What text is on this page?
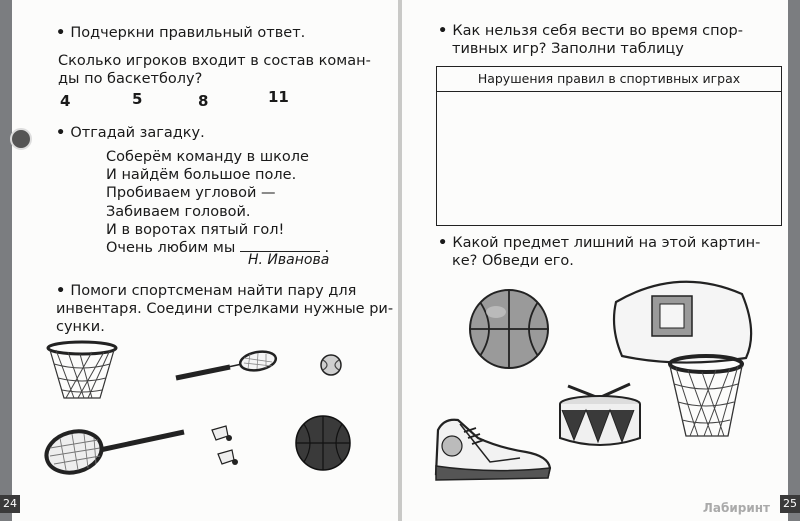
• Подчеркни правильный ответ.
Сколько игроков входит в состав коман-
ды по баскетболу?
4	5	8	11
• Отгадай загадку.
Соберём команду в школе
И найдём большое поле.
Пробиваем угловой —
Забиваем головой.
И в воротах пятый гол!
Очень любим мы	.
Н. Иванова
• Помоги спортсменам найти пару для
инвентаря. Соедини стрелками нужные ри-
сунки.
24
• Как нельзя себя вести во время спор-
тивных игр? Заполни таблицу
Нарушения правил в спортивных играх
• Какой предмет лишний на этой картин-
ке? Обведи его.
Лабиринт 25
